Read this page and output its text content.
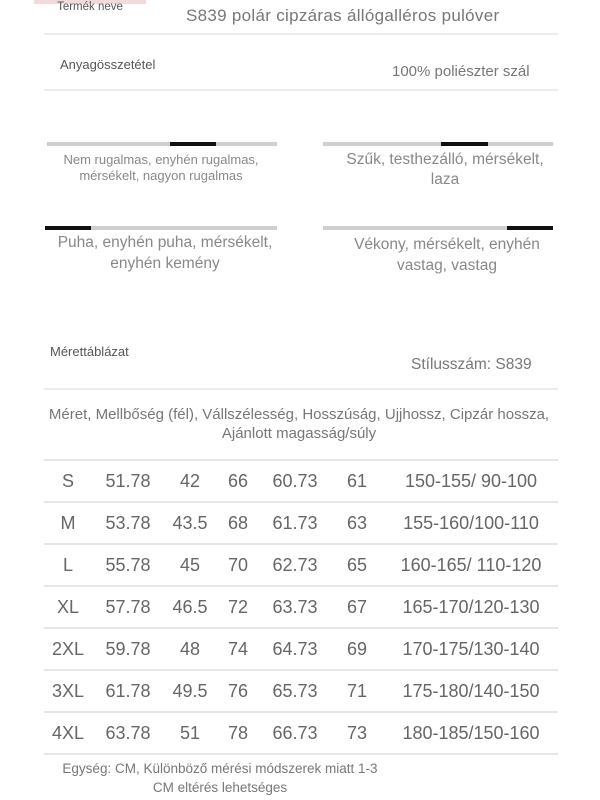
Termék neve	S839 polár cipzáras állógalléros pulóver
Anyagösszetétel	100% poliészter szál
Nem rugalmas, enyhén rugalmas, mérsékelt, nagyon rugalmas
Szűk, testhezálló, mérsékelt, laza
Puha, enyhén puha, mérsékelt, enyhén kemény
Vékony, mérsékelt, enyhén vastag, vastag
Mérettáblázat
Stílusszám: S839
Méret, Mellbőség (fél), Vállszélesség, Hosszúság, Ujjhossz, Cipzár hossza, Ajánlott magasság/súly
S	51.78	42	66	60.73	61	150-155/ 90-100
M	53.78	43.5	68	61.73	63	155-160/100-110
L	55.78	45	70	62.73	65	160-165/ 110-120
XL	57.78	46.5	72	63.73	67	165-170/120-130
2XL	59.78	48	74	64.73	69	170-175/130-140
3XL	61.78	49.5	76	65.73	71	175-180/140-150
4XL	63.78	51	78	66.73	73	180-185/150-160
Egység: CM, Különböző mérési módszerek miatt 1-3 CM eltérés lehetséges
